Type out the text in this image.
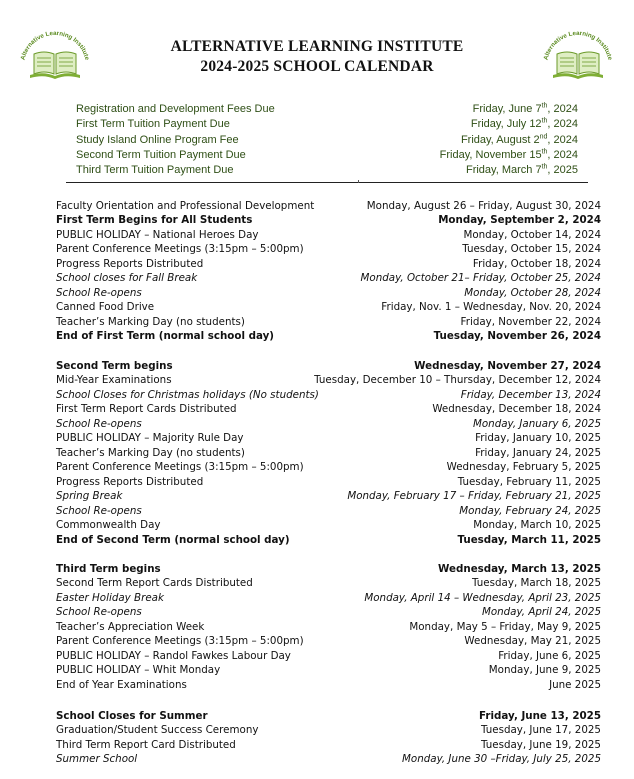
Alternative Learning Institute	Alternative Learning Institute
ALTERNATIVE LEARNING INSTITUTE
2024-2025 SCHOOL CALENDAR
Registration and Development Fees Due	Friday, June 7th, 2024
First Term Tuition Payment Due	Friday, July 12th, 2024
Study Island Online Program Fee	Friday, August 2nd, 2024
Second Term Tuition Payment Due	Friday, November 15th, 2024
Third Term Tuition Payment Due	Friday, March 7th, 2025
Faculty Orientation and Professional Development	Monday, August 26 – Friday, August 30, 2024
First Term Begins for All Students	Monday, September 2, 2024
PUBLIC HOLIDAY – National Heroes Day	Monday, October 14, 2024
Parent Conference Meetings (3:15pm – 5:00pm)	Tuesday, October 15, 2024
Progress Reports Distributed	Friday, October 18, 2024
School closes for Fall Break	Monday, October 21– Friday, October 25, 2024
School Re-opens	Monday, October 28, 2024
Canned Food Drive	Friday, Nov. 1 – Wednesday, Nov. 20, 2024
Teacher’s Marking Day (no students)	Friday, November 22, 2024
End of First Term (normal school day)	Tuesday, November 26, 2024
Second Term begins	Wednesday, November 27, 2024
Mid-Year Examinations	Tuesday, December 10 – Thursday, December 12, 2024
School Closes for Christmas holidays (No students)	Friday, December 13, 2024
First Term Report Cards Distributed	Wednesday, December 18, 2024
School Re-opens	Monday, January 6, 2025
PUBLIC HOLIDAY – Majority Rule Day	Friday, January 10, 2025
Teacher’s Marking Day (no students)	Friday, January 24, 2025
Parent Conference Meetings (3:15pm – 5:00pm)	Wednesday, February 5, 2025
Progress Reports Distributed	Tuesday, February 11, 2025
Spring Break	Monday, February 17 – Friday, February 21, 2025
School Re-opens	Monday, February 24, 2025
Commonwealth Day	Monday, March 10, 2025
End of Second Term (normal school day)	Tuesday, March 11, 2025
Third Term begins	Wednesday, March 13, 2025
Second Term Report Cards Distributed	Tuesday, March 18, 2025
Easter Holiday Break	Monday, April 14 – Wednesday, April 23, 2025
School Re-opens	Monday, April 24, 2025
Teacher’s Appreciation Week	Monday, May 5 – Friday, May 9, 2025
Parent Conference Meetings (3:15pm – 5:00pm)	Wednesday, May 21, 2025
PUBLIC HOLIDAY – Randol Fawkes Labour Day	Friday, June 6, 2025
PUBLIC HOLIDAY – Whit Monday	Monday, June 9, 2025
End of Year Examinations	June 2025
School Closes for Summer	Friday, June 13, 2025
Graduation/Student Success Ceremony	Tuesday, June 17, 2025
Third Term Report Card Distributed	Tuesday, June 19, 2025
Summer School	Monday, June 30 –Friday, July 25, 2025
